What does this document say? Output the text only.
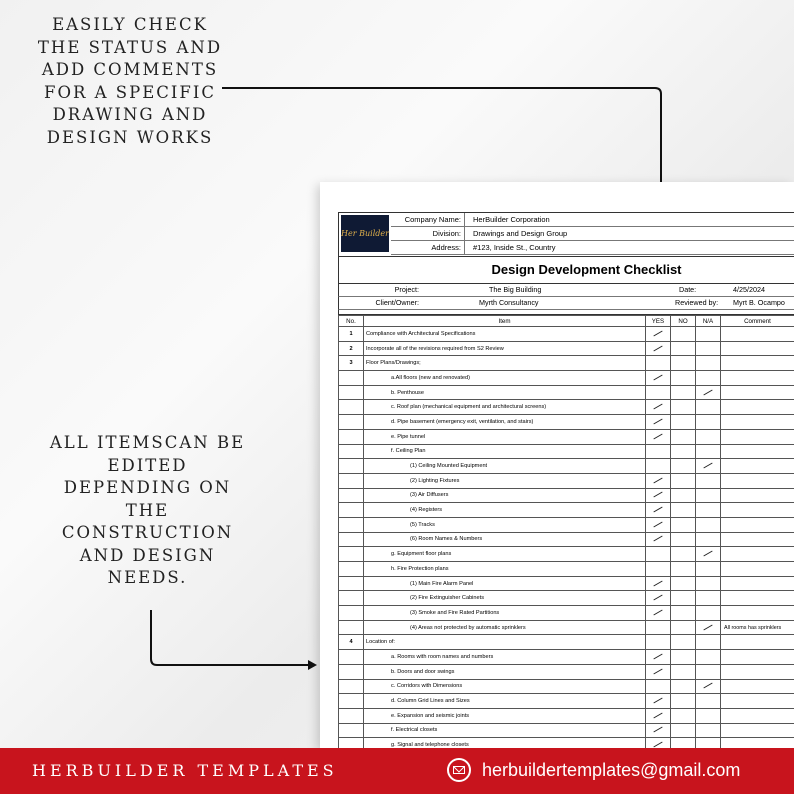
EASILY CHECK
THE STATUS AND
ADD COMMENTS
FOR A SPECIFIC
DRAWING AND
DESIGN WORKS
ALL ITEMSCAN BE
EDITED
DEPENDING ON
THE
CONSTRUCTION
AND DESIGN
NEEDS.
Her Builder
Company Name:	HerBuilder Corporation
Division:	Drawings and Design Group
Address:	#123, Inside St., Country
Design Development Checklist
Project:	The Big Building	Date:	4/25/2024
Client/Owner:	Myrth Consultancy	Reviewed by: Myrt B. Ocampo
No.	Item	YES	NO	N/A	Comment
1	Compliance with Architectural Specifications				
2	Incorporate all of the revisions required from S2 Review				
3	Floor Plans/Drawings;				
	a.All floors (new and renovated)				
	b. Penthouse				
	c. Roof plan (mechanical equipment and architectural screens)				
	d. Pipe basement (emergency exit, ventilation, and stairs)				
	e. Pipe tunnel				
	f. Ceiling Plan				
	(1) Ceiling Mounted Equipment				
	(2) Lighting Fixtures				
	(3) Air Diffusers				
	(4) Registers				
	(5) Tracks				
	(6) Room Names & Numbers				
	g. Equipment floor plans				
	h. Fire Protection plans				
	(1) Main Fire Alarm Panel				
	(2) Fire Extinguisher Cabinets				
	(3) Smoke and Fire Rated Partitions				
	(4) Areas not protected by automatic sprinklers				All rooms has sprinklers
4	Location of:				
	a. Rooms with room names and numbers				
	b. Doors and door swings				
	c. Corridors with Dimensions				
	d. Column Grid Lines and Sizes				
	e. Expansion and seismic joints				
	f. Electrical closets				
	g. Signal and telephone closets				
HERBUILDER TEMPLATES	herbuildertemplates@gmail.com
